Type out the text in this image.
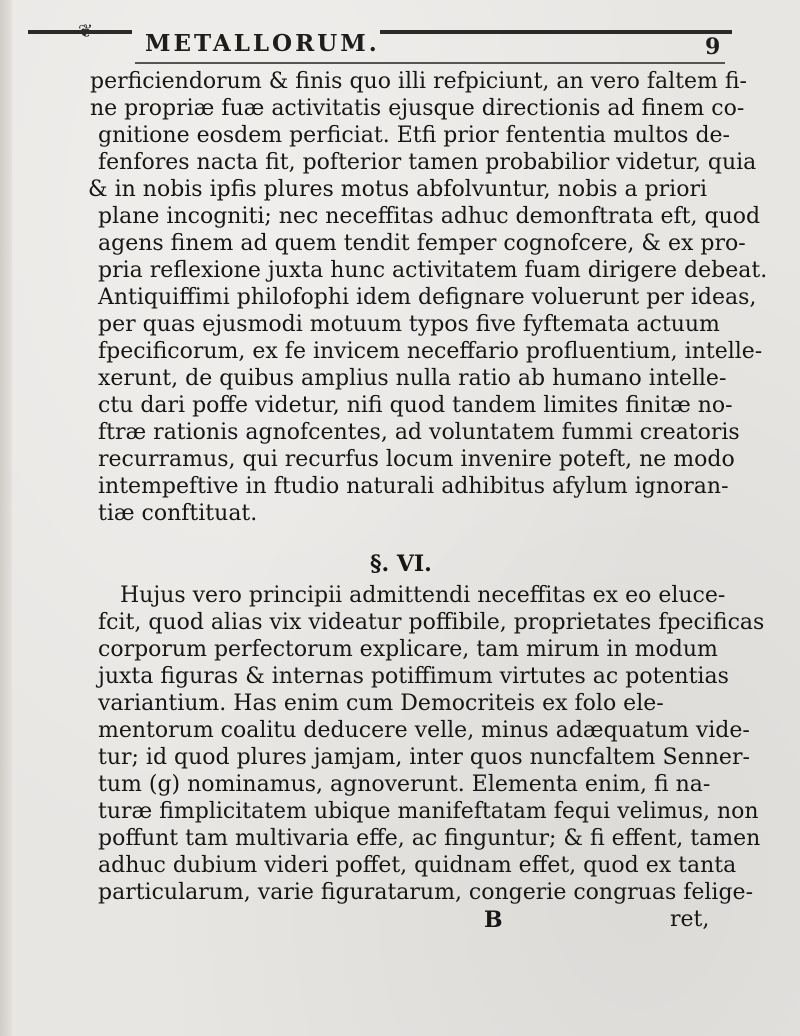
❦ METALLORUM.	9
perficiendorum & finis quo illi refpiciunt, an vero faltem fi-
ne propriæ fuæ activitatis ejusque directionis ad finem co-
gnitione eosdem perficiat. Etfi prior fententia multos de-
fenfores nacta fit, pofterior tamen probabilior videtur, quia
& in nobis ipfis plures motus abfolvuntur, nobis a priori
plane incogniti; nec neceffitas adhuc demonftrata eft, quod
agens finem ad quem tendit femper cognofcere, & ex pro-
pria reflexione juxta hunc activitatem fuam dirigere debeat.
Antiquiffimi philofophi idem defignare voluerunt per ideas,
per quas ejusmodi motuum typos five fyftemata actuum
fpecificorum, ex fe invicem neceffario profluentium, intelle-
xerunt, de quibus amplius nulla ratio ab humano intelle-
ctu dari poffe videtur, nifi quod tandem limites finitæ no-
ftræ rationis agnofcentes, ad voluntatem fummi creatoris
recurramus, qui recurfus locum invenire poteft, ne modo
intempeftive in ftudio naturali adhibitus afylum ignoran-
tiæ conftituat.
§. VI.
Hujus vero principii admittendi neceffitas ex eo eluce-
fcit, quod alias vix videatur poffibile, proprietates fpecificas
corporum perfectorum explicare, tam mirum in modum
juxta figuras & internas potiffimum virtutes ac potentias
variantium. Has enim cum Democriteis ex folo ele-
mentorum coalitu deducere velle, minus adæquatum vide-
tur; id quod plures jamjam, inter quos nuncfaltem Senner-
tum (g) nominamus, agnoverunt. Elementa enim, fi na-
turæ fimplicitatem ubique manifeftatam fequi velimus, non
poffunt tam multivaria effe, ac finguntur; & fi effent, tamen
adhuc dubium videri poffet, quidnam effet, quod ex tanta
particularum, varie figuratarum, congerie congruas felige-
B	ret,
